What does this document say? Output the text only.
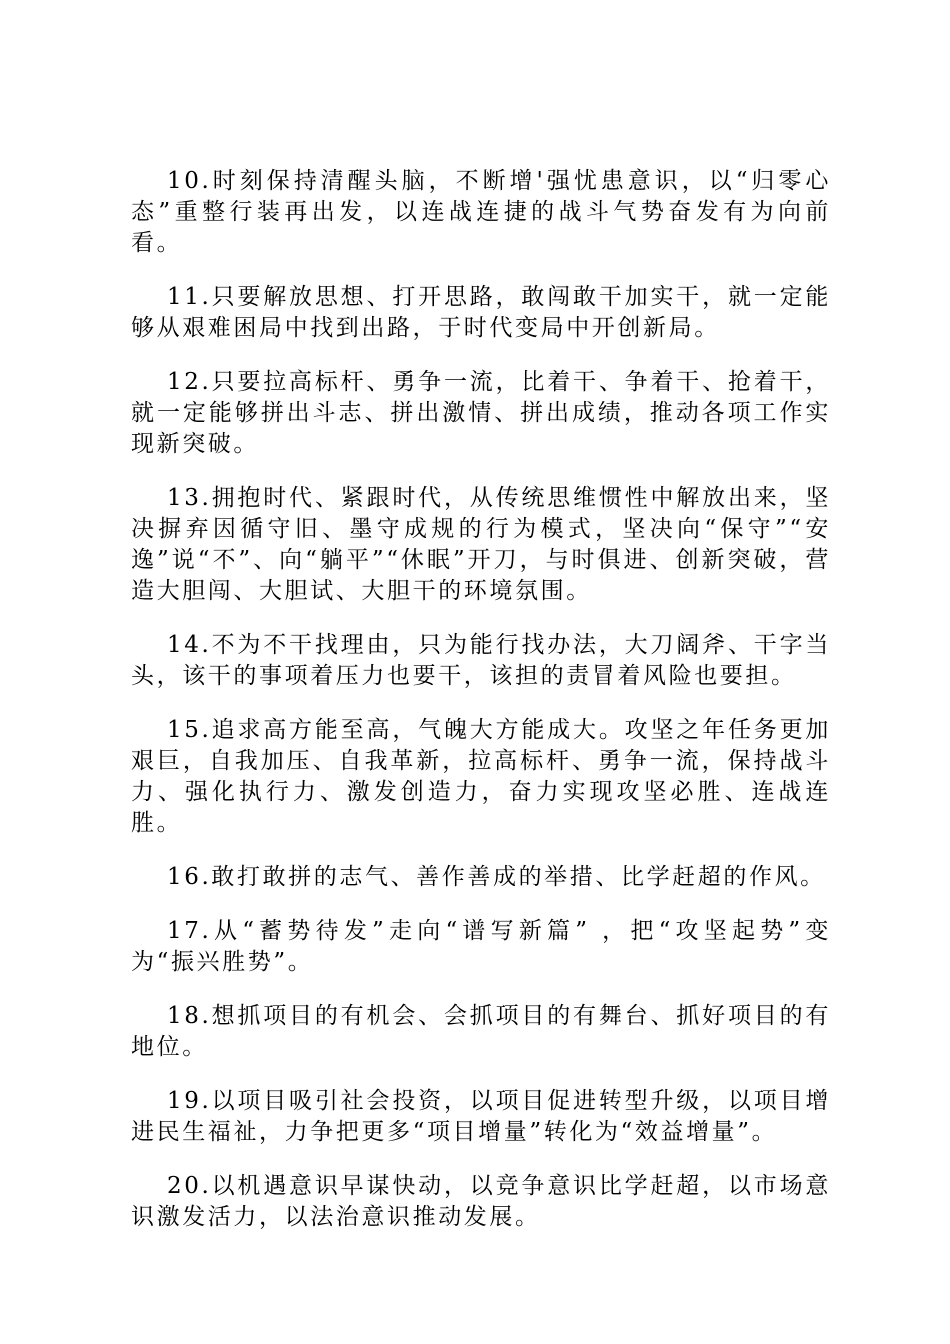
10.时刻保持清醒头脑，不断增'强忧患意识，以“归零心态”重整行装再出发，以连战连捷的战斗气势奋发有为向前看。

11.只要解放思想、打开思路，敢闯敢干加实干，就一定能够从艰难困局中找到出路，于时代变局中开创新局。

12.只要拉高标杆、勇争一流，比着干、争着干、抢着干，就一定能够拼出斗志、拼出激情、拼出成绩，推动各项工作实现新突破。

13.拥抱时代、紧跟时代，从传统思维惯性中解放出来，坚决摒弃因循守旧、墨守成规的行为模式，坚决向“保守”“安逸”说“不”、向“躺平”“休眠”开刀，与时俱进、创新突破，营造大胆闯、大胆试、大胆干的环境氛围。

14.不为不干找理由，只为能行找办法，大刀阔斧、干字当头，该干的事项着压力也要干，该担的责冒着风险也要担。

15.追求高方能至高，气魄大方能成大。攻坚之年任务更加艰巨，自我加压、自我革新，拉高标杆、勇争一流，保持战斗力、强化执行力、激发创造力，奋力实现攻坚必胜、连战连胜。

16.敢打敢拼的志气、善作善成的举措、比学赶超的作风。

17.从“蓄势待发”走向“谱写新篇” ，把“攻坚起势”变为“振兴胜势”。

18.想抓项目的有机会、会抓项目的有舞台、抓好项目的有地位。

19.以项目吸引社会投资，以项目促进转型升级，以项目增进民生福祉，力争把更多“项目增量”转化为“效益增量”。

20.以机遇意识早谋快动，以竞争意识比学赶超，以市场意识激发活力，以法治意识推动发展。
